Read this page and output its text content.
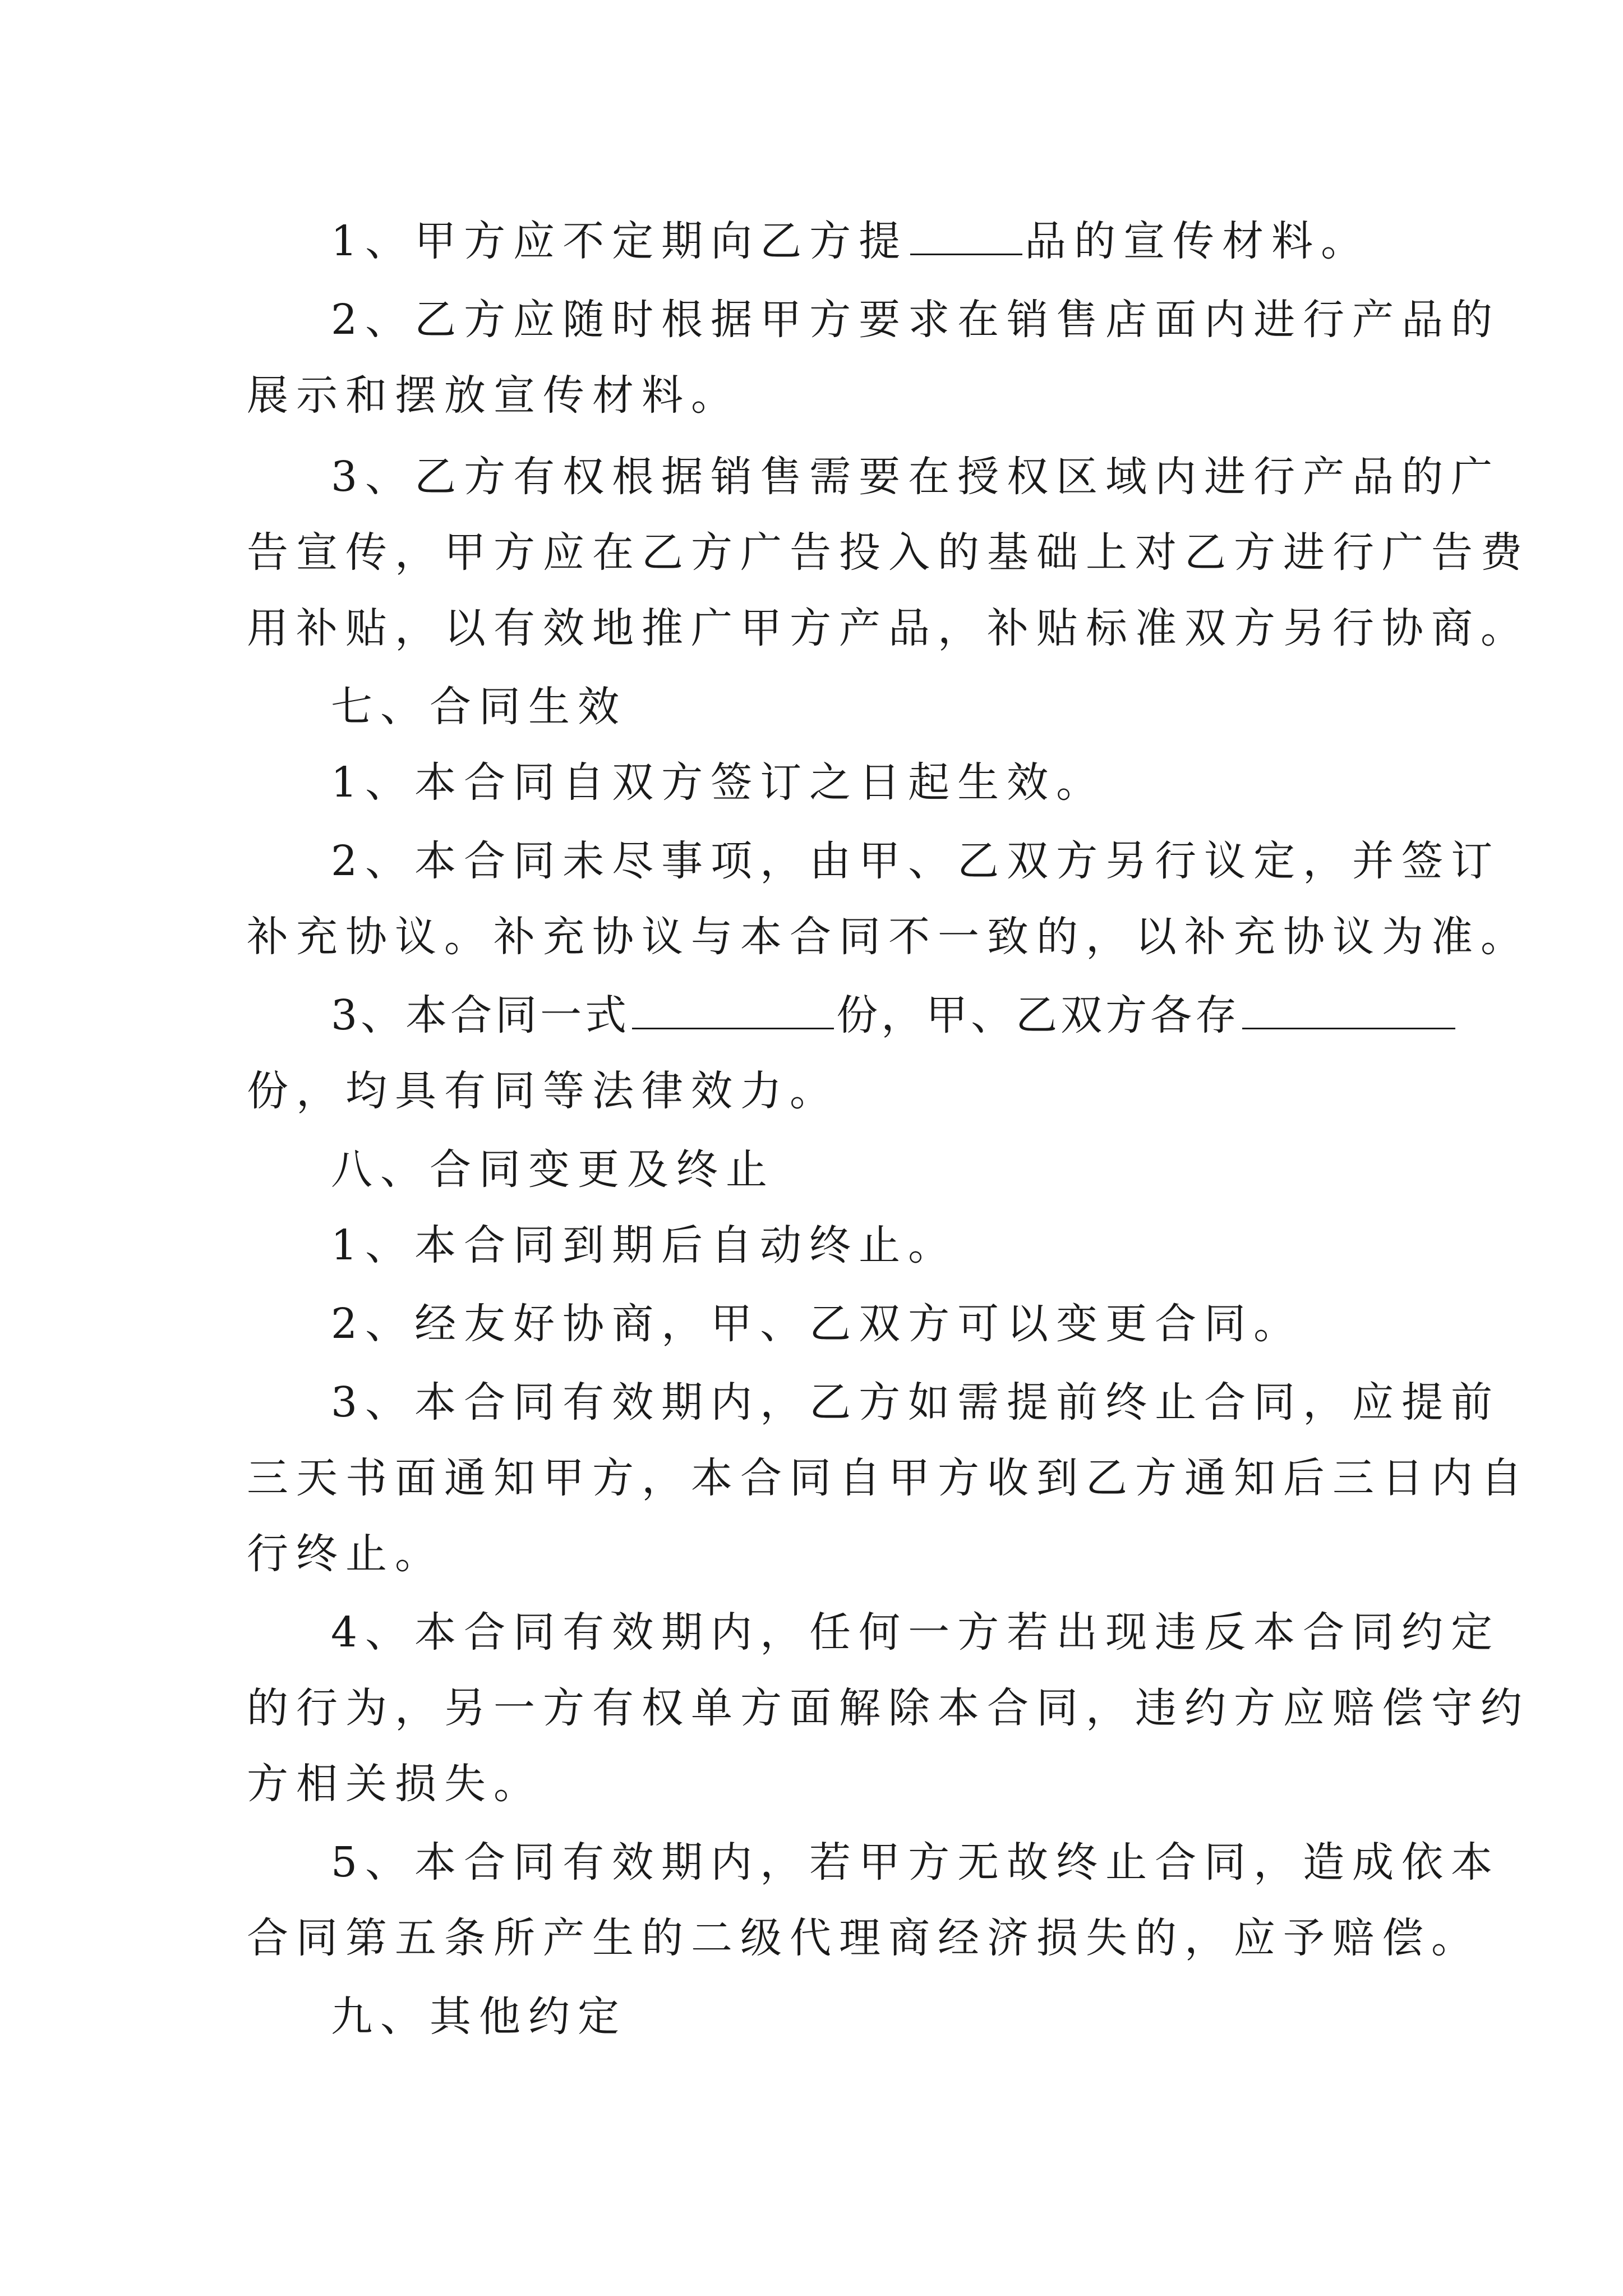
1、甲方应不定期向乙方提	品的宣传材料。
2、乙方应随时根据甲方要求在销售店面内进行产品的
展示和摆放宣传材料。
3、乙方有权根据销售需要在授权区域内进行产品的广
告宣传，甲方应在乙方广告投入的基础上对乙方进行广告费
用补贴，以有效地推广甲方产品，补贴标准双方另行协商。
七、合同生效
1、本合同自双方签订之日起生效。
2、本合同未尽事项，由甲、乙双方另行议定，并签订
补充协议。补充协议与本合同不一致的，以补充协议为准。
3、本合同一式	份，甲、乙双方各存
份，均具有同等法律效力。
八、合同变更及终止
1、本合同到期后自动终止。
2、经友好协商，甲、乙双方可以变更合同。
3、本合同有效期内，乙方如需提前终止合同，应提前
三天书面通知甲方，本合同自甲方收到乙方通知后三日内自
行终止。
4、本合同有效期内，任何一方若出现违反本合同约定
的行为，另一方有权单方面解除本合同，违约方应赔偿守约
方相关损失。
5、本合同有效期内，若甲方无故终止合同，造成依本
合同第五条所产生的二级代理商经济损失的，应予赔偿。
九、其他约定
